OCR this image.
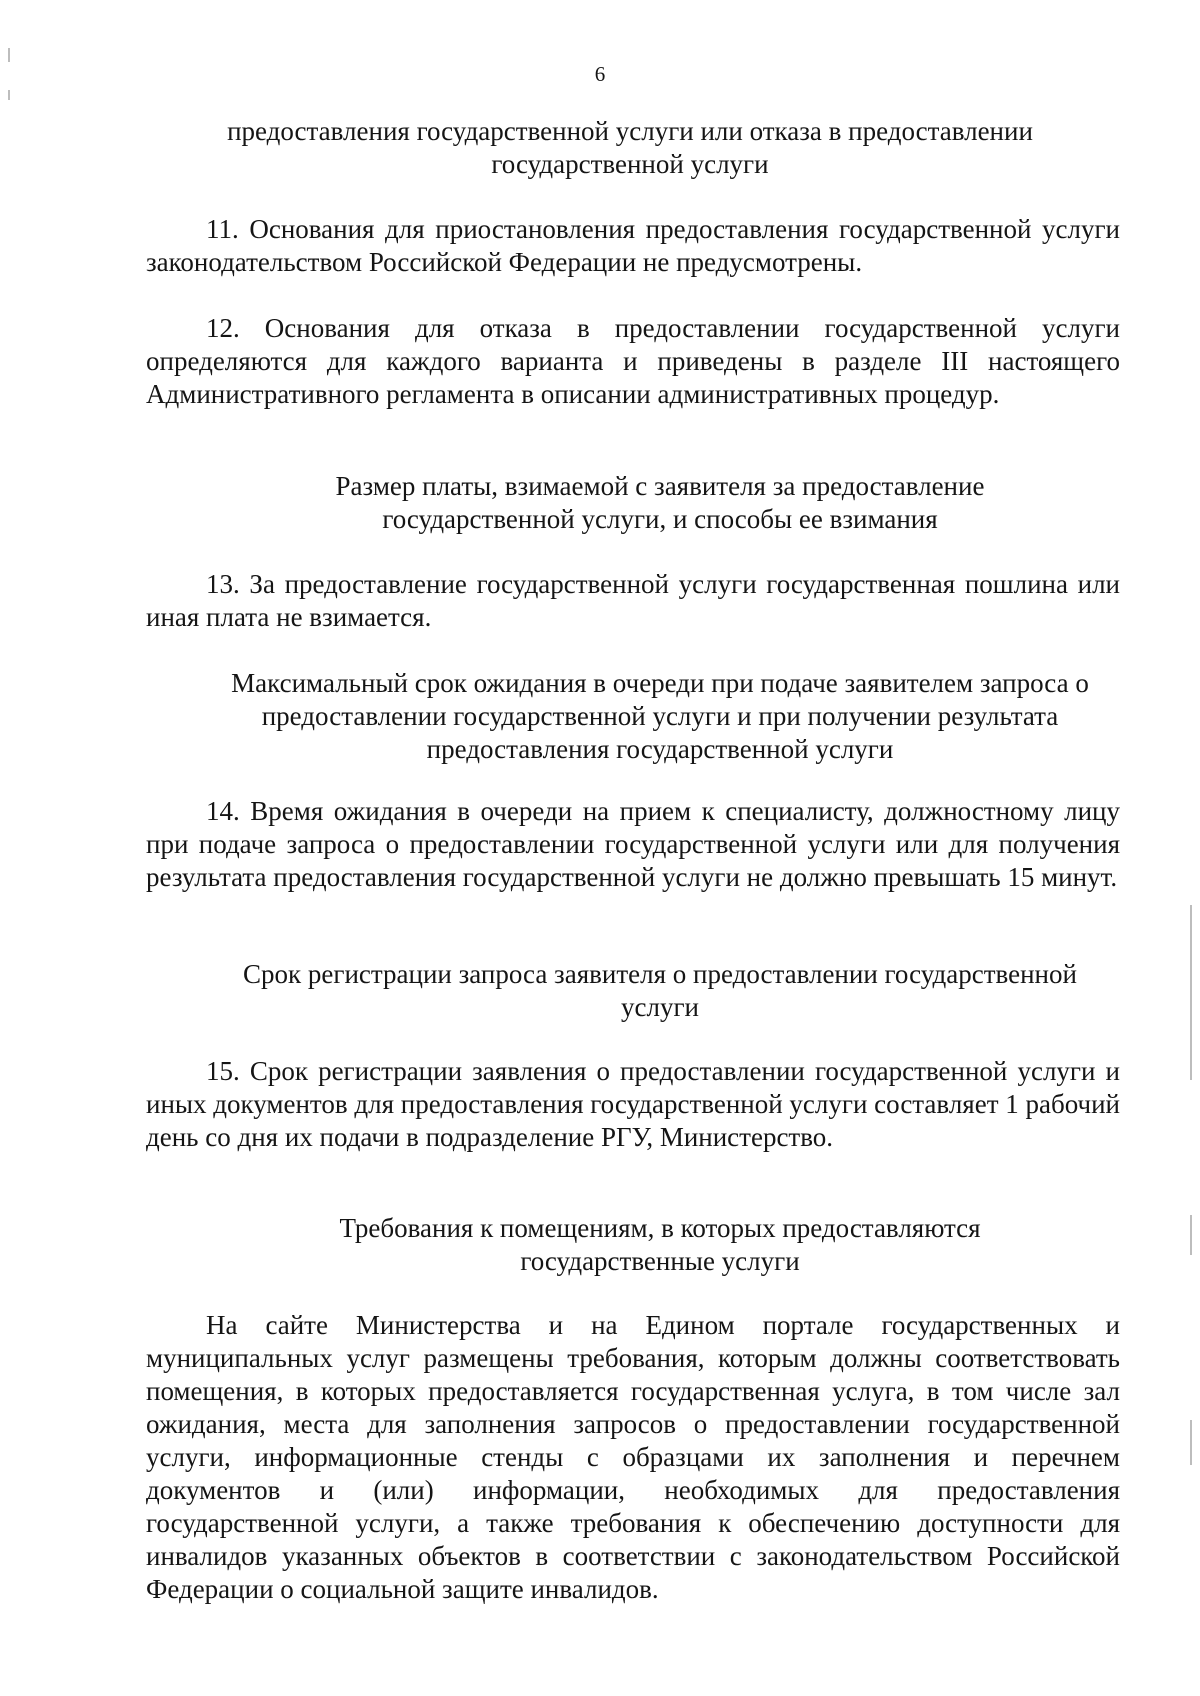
6
предоставления государственной услуги или отказа в предоставлении государственной услуги
11. Основания для приостановления предоставления государственной услуги законодательством Российской Федерации не предусмотрены.
12. Основания для отказа в предоставлении государственной услуги определяются для каждого варианта и приведены в разделе III настоящего Административного регламента в описании административных процедур.
Размер платы, взимаемой с заявителя за предоставление государственной услуги, и способы ее взимания
13. За предоставление государственной услуги государственная пошлина или иная плата не взимается.
Максимальный срок ожидания в очереди при подаче заявителем запроса о предоставлении государственной услуги и при получении результата предоставления государственной услуги
14. Время ожидания в очереди на прием к специалисту, должностному лицу при подаче запроса о предоставлении государственной услуги или для получения результата предоставления государственной услуги не должно превышать 15 минут.
Срок регистрации запроса заявителя о предоставлении государственной услуги
15. Срок регистрации заявления о предоставлении государственной услуги и иных документов для предоставления государственной услуги составляет 1 рабочий день со дня их подачи в подразделение РГУ, Министерство.
Требования к помещениям, в которых предоставляются государственные услуги
На сайте Министерства и на Едином портале государственных и муниципальных услуг размещены требования, которым должны соответствовать помещения, в которых предоставляется государственная услуга, в том числе зал ожидания, места для заполнения запросов о предоставлении государственной услуги, информационные стенды с образцами их заполнения и перечнем документов и (или) информации, необходимых для предоставления государственной услуги, а также требования к обеспечению доступности для инвалидов указанных объектов в соответствии с законодательством Российской Федерации о социальной защите инвалидов.
